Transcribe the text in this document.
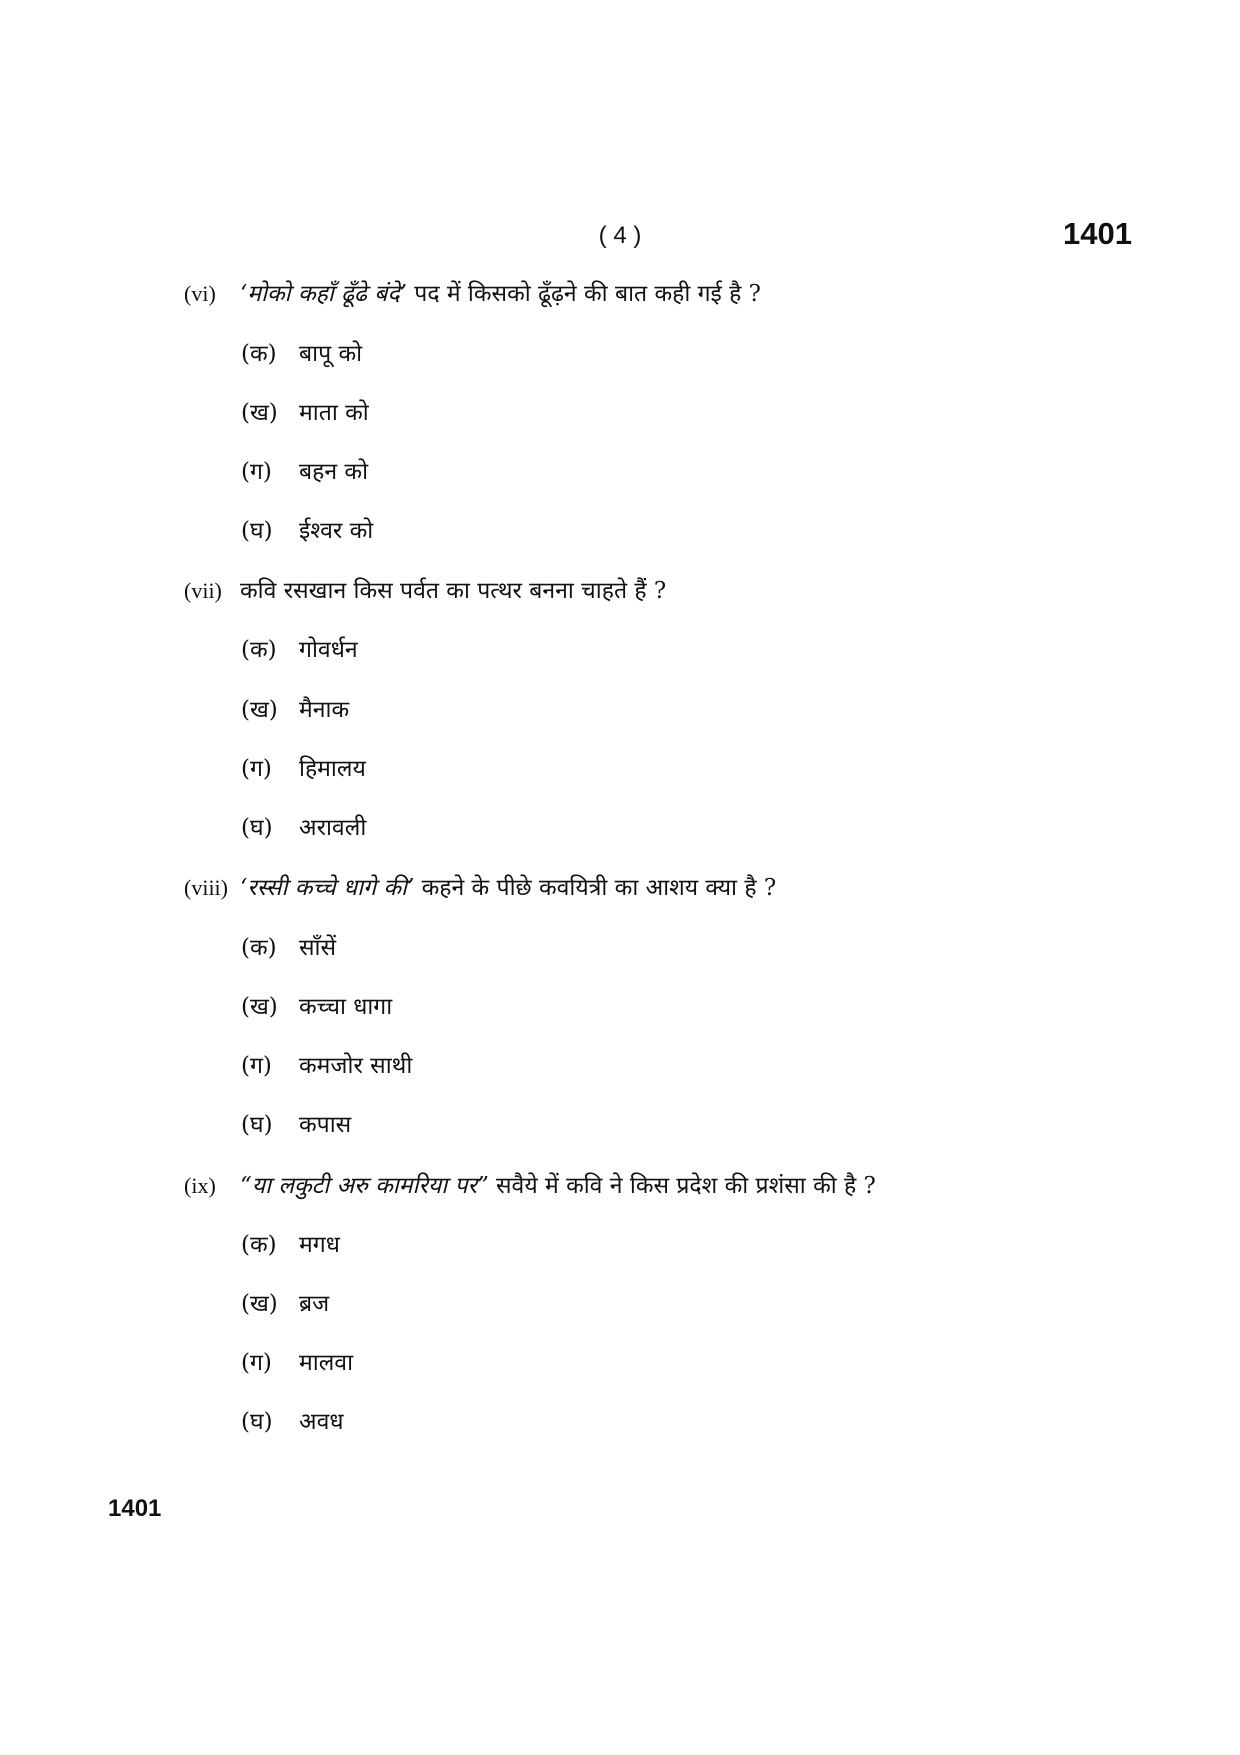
( 4 )	1401
(vi) ‘मोको कहाँ ढूँढे बंदे’ पद में किसको ढूँढ़ने की बात कही गई है ?
(क) बापू को
(ख) माता को
(ग) बहन को
(घ) ईश्वर को
(vii) कवि रसखान किस पर्वत का पत्थर बनना चाहते हैं ?
(क) गोवर्धन
(ख) मैनाक
(ग) हिमालय
(घ) अरावली
(viii) ‘रस्सी कच्चे धागे की’ कहने के पीछे कवयित्री का आशय क्या है ?
(क) साँसें
(ख) कच्चा धागा
(ग) कमजोर साथी
(घ) कपास
(ix) “या लकुटी अरु कामरिया पर” सवैये में कवि ने किस प्रदेश की प्रशंसा की है ?
(क) मगध
(ख) ब्रज
(ग) मालवा
(घ) अवध
1401
